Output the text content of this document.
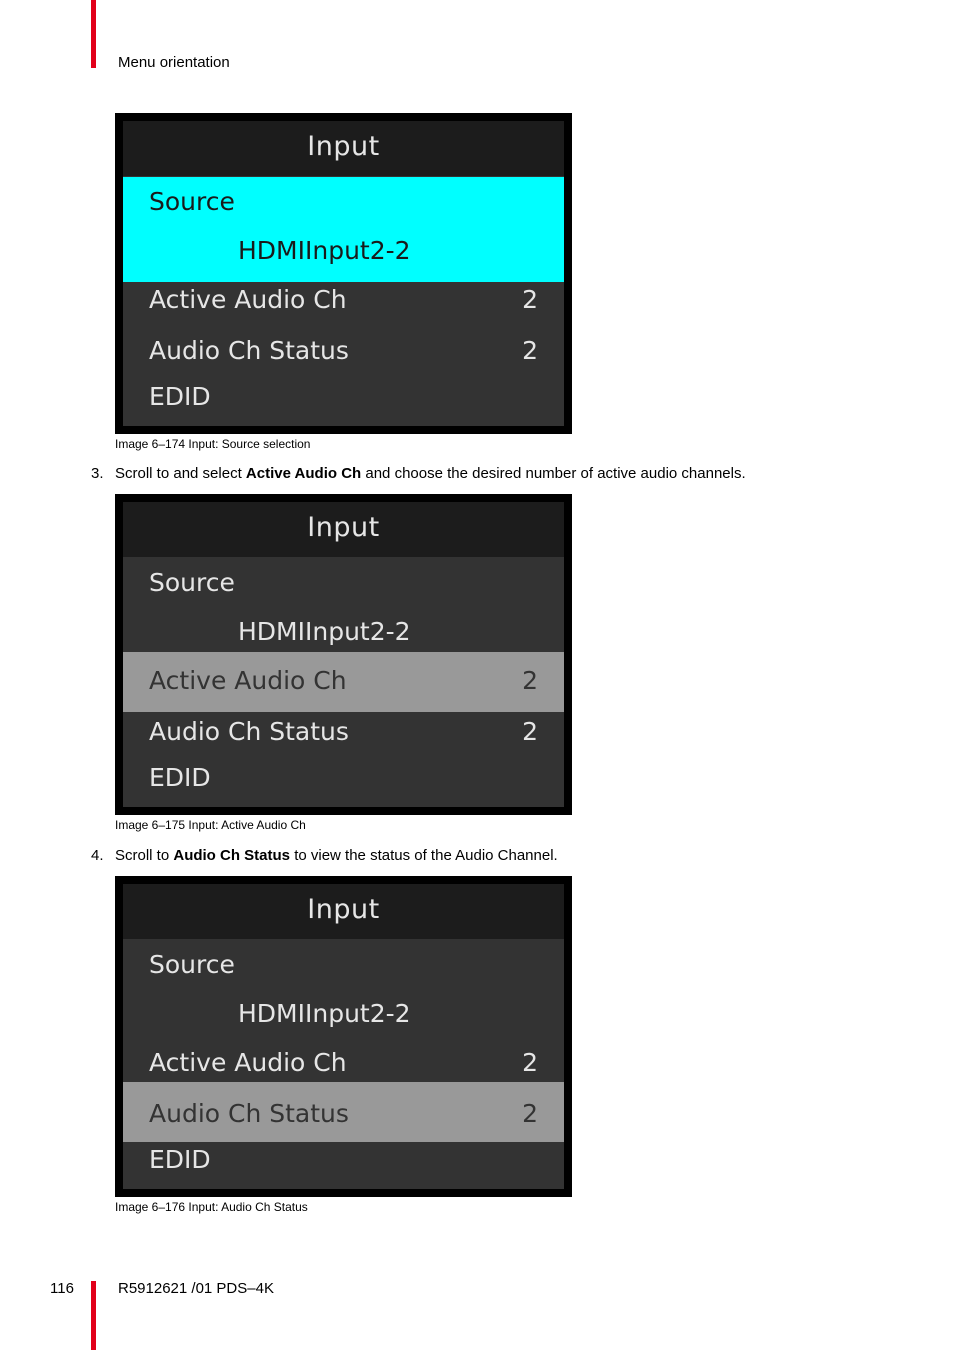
Menu orientation
Input
Source
HDMIInput2-2
Active Audio Ch	2
Audio Ch Status	2
EDID
Image 6–174 Input: Source selection
3. Scroll to and select Active Audio Ch and choose the desired number of active audio channels.
Input
Source
HDMIInput2-2
Active Audio Ch	2
Audio Ch Status	2
EDID
Image 6–175 Input: Active Audio Ch
4. Scroll to Audio Ch Status to view the status of the Audio Channel.
Input
Source
HDMIInput2-2
Active Audio Ch	2
Audio Ch Status	2
EDID
Image 6–176 Input: Audio Ch Status
116	R5912621 /01 PDS–4K
